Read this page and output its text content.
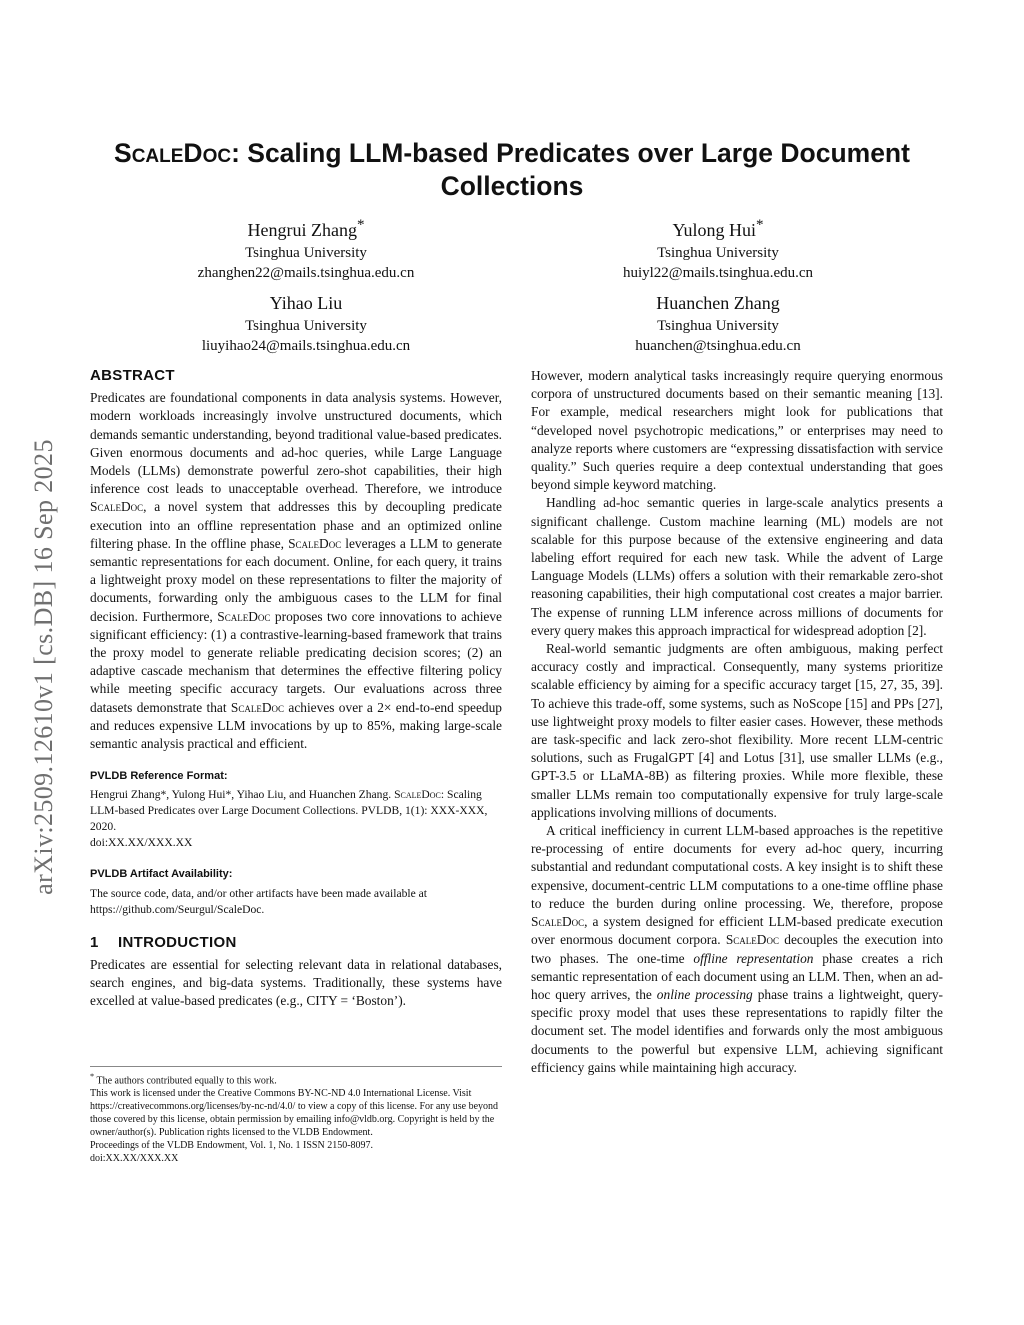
arXiv:2509.12610v1 [cs.DB] 16 Sep 2025
ScaleDoc: Scaling LLM-based Predicates over Large Document Collections
Hengrui Zhang*
Tsinghua University
zhanghen22@mails.tsinghua.edu.cn
Yulong Hui*
Tsinghua University
huiyl22@mails.tsinghua.edu.cn
Yihao Liu
Tsinghua University
liuyihao24@mails.tsinghua.edu.cn
Huanchen Zhang
Tsinghua University
huanchen@tsinghua.edu.cn
ABSTRACT

Predicates are foundational components in data analysis systems. However, modern workloads increasingly involve unstructured documents, which demands semantic understanding, beyond traditional value-based predicates. Given enormous documents and ad-hoc queries, while Large Language Models (LLMs) demonstrate powerful zero-shot capabilities, their high inference cost leads to unacceptable overhead. Therefore, we introduce ScaleDoc, a novel system that addresses this by decoupling predicate execution into an offline representation phase and an optimized online filtering phase. In the offline phase, ScaleDoc leverages a LLM to generate semantic representations for each document. Online, for each query, it trains a lightweight proxy model on these representations to filter the majority of documents, forwarding only the ambiguous cases to the LLM for final decision. Furthermore, ScaleDoc proposes two core innovations to achieve significant efficiency: (1) a contrastive-learning-based framework that trains the proxy model to generate reliable predicating decision scores; (2) an adaptive cascade mechanism that determines the effective filtering policy while meeting specific accuracy targets. Our evaluations across three datasets demonstrate that ScaleDoc achieves over a 2× end-to-end speedup and reduces expensive LLM invocations by up to 85%, making large-scale semantic analysis practical and efficient.

PVLDB Reference Format:
Hengrui Zhang*, Yulong Hui*, Yihao Liu, and Huanchen Zhang. ScaleDoc: Scaling LLM-based Predicates over Large Document Collections. PVLDB, 1(1): XXX-XXX, 2020.
doi:XX.XX/XXX.XX
PVLDB Artifact Availability:
The source code, data, and/or other artifacts have been made available at https://github.com/Seurgul/ScaleDoc.
1 INTRODUCTION

Predicates are essential for selecting relevant data in relational databases, search engines, and big-data systems. Traditionally, these systems have excelled at value-based predicates (e.g., CITY = ‘Boston’).

* The authors contributed equally to this work.

This work is licensed under the Creative Commons BY-NC-ND 4.0 International License. Visit https://creativecommons.org/licenses/by-nc-nd/4.0/ to view a copy of this license. For any use beyond those covered by this license, obtain permission by emailing info@vldb.org. Copyright is held by the owner/author(s). Publication rights licensed to the VLDB Endowment.

Proceedings of the VLDB Endowment, Vol. 1, No. 1 ISSN 2150-8097.

doi:XX.XX/XXX.XX

However, modern analytical tasks increasingly require querying enormous corpora of unstructured documents based on their semantic meaning [13]. For example, medical researchers might look for publications that “developed novel psychotropic medications,” or enterprises may need to analyze reports where customers are “expressing dissatisfaction with service quality.” Such queries require a deep contextual understanding that goes beyond simple keyword matching.

Handling ad-hoc semantic queries in large-scale analytics presents a significant challenge. Custom machine learning (ML) models are not scalable for this purpose because of the extensive engineering and data labeling effort required for each new task. While the advent of Large Language Models (LLMs) offers a solution with their remarkable zero-shot reasoning capabilities, their high computational cost creates a major barrier. The expense of running LLM inference across millions of documents for every query makes this approach impractical for widespread adoption [2].

Real-world semantic judgments are often ambiguous, making perfect accuracy costly and impractical. Consequently, many systems prioritize scalable efficiency by aiming for a specific accuracy target [15, 27, 35, 39]. To achieve this trade-off, some systems, such as NoScope [15] and PPs [27], use lightweight proxy models to filter easier cases. However, these methods are task-specific and lack zero-shot flexibility. More recent LLM-centric solutions, such as FrugalGPT [4] and Lotus [31], use smaller LLMs (e.g., GPT-3.5 or LLaMA-8B) as filtering proxies. While more flexible, these smaller LLMs remain too computationally expensive for truly large-scale applications involving millions of documents.

A critical inefficiency in current LLM-based approaches is the repetitive re-processing of entire documents for every ad-hoc query, incurring substantial and redundant computational costs. A key insight is to shift these expensive, document-centric LLM computations to a one-time offline phase to reduce the burden during online processing. We, therefore, propose ScaleDoc, a system designed for efficient LLM-based predicate execution over enormous document corpora. ScaleDoc decouples the execution into two phases. The one-time offline representation phase creates a rich semantic representation of each document using an LLM. Then, when an ad-hoc query arrives, the online processing phase trains a lightweight, query-specific proxy model that uses these representations to rapidly filter the document set. The model identifies and forwards only the most ambiguous documents to the powerful but expensive LLM, achieving significant efficiency gains while maintaining high accuracy.
